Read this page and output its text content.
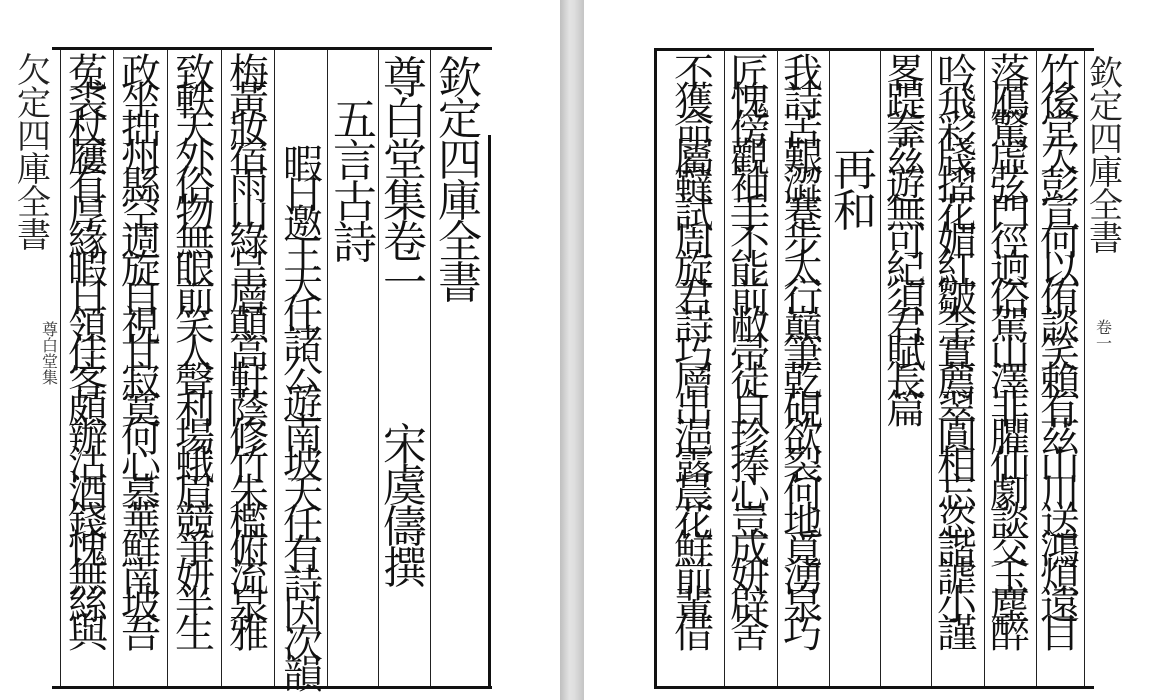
欠定四庫全書
尊白堂集
欽定四庫全書
尊白堂集卷一
五言古詩
宋　虞儔　撰
暇日邀王天任諸公遊南坡天任有詩因次韻
梅黃妝宿雨山綠呈層顛高軒蔭修竹朱檻俯流泉雅
致軼天外俗物無眼前笑人聲利場蛾眉競爭妍半生
政坐拙州縣空週旋自視甘寂寞何心慕華鮮南坡吾
菟裘杖屨有厚緣暇日領佳客頗辦沽酒錢愧無絲與
欽定四庫全書
卷一
竹後堂欠彭宣何以侑談笑賴有茲山川送鴻煩遠目
落鴈驚虛弦門徑逈俗駕山澤非臞仙劇談交玉塵醉
吟飛彩牋摺花媚紅皺李實薦翠圓相忘恣諧謔小謹
畧踶拳茲遊無可紀須君賦長篇
再和
我詩苦艱澀蹇步太行巔筆乾硯欲裂何地覓湧泉巧
匠愧傍觀袖手不能前敝帚徒自珍捧心豈成妍辟舍
不獲命屬韃試周旋君詩巧層出浥露晨花鮮前輩借
